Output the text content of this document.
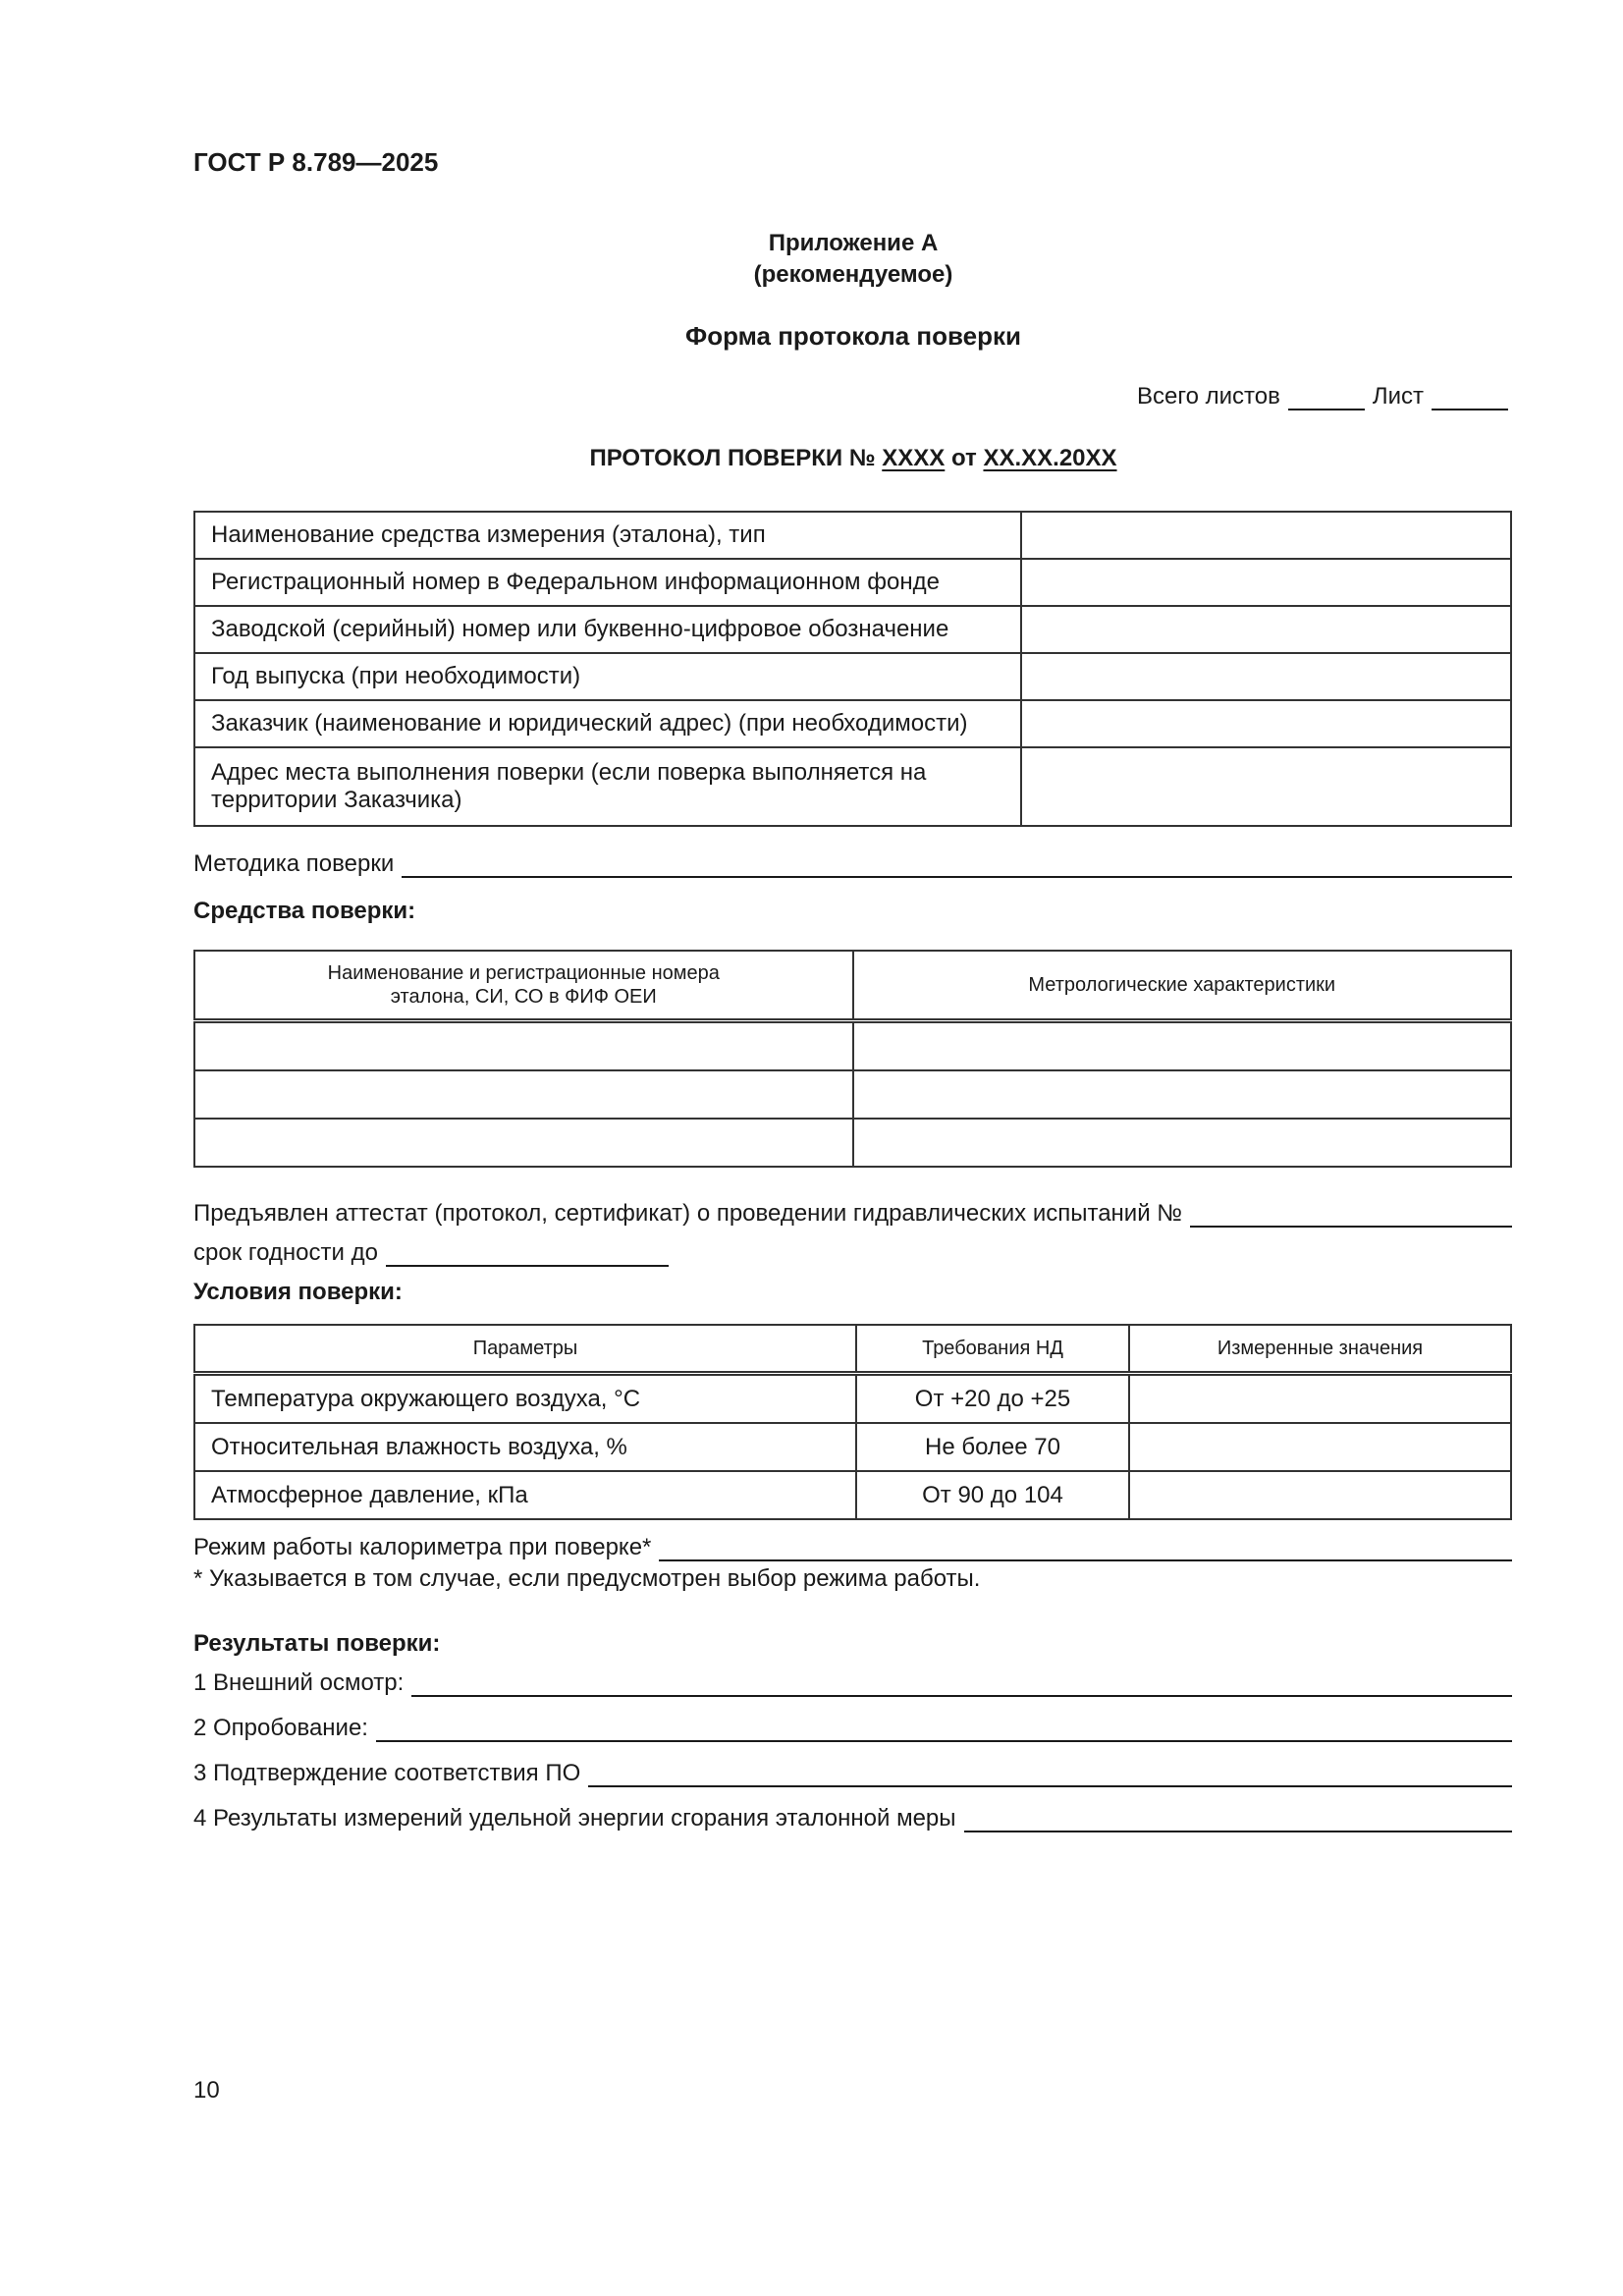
ГОСТ Р 8.789—2025
Приложение А
(рекомендуемое)
Форма протокола поверки
Всего листов	Лист
ПРОТОКОЛ ПОВЕРКИ № XXXX от XX.XX.20XX
Наименование средства измерения (эталона), тип	
Регистрационный номер в Федеральном информационном фонде	
Заводской (серийный) номер или буквенно-цифровое обозначение	
Год выпуска (при необходимости)	
Заказчик (наименование и юридический адрес) (при необходимости)	
Адрес места выполнения поверки (если поверка выполняется на территории Заказчика)	
Методика поверки
Средства поверки:
Наименование и регистрационные номера эталона, СИ, СО в ФИФ ОЕИ	Метрологические характеристики

Предъявлен аттестат (протокол, сертификат) о проведении гидравлических испытаний №
срок годности до
Условия поверки:
Параметры	Требования НД	Измеренные значения
Температура окружающего воздуха, °С	От +20 до +25	
Относительная влажность воздуха, %	Не более 70	
Атмосферное давление, кПа	От 90 до 104	
Режим работы калориметра при поверке*
* Указывается в том случае, если предусмотрен выбор режима работы.
Результаты поверки:
1 Внешний осмотр:
2 Опробование:
3 Подтверждение соответствия ПО
4 Результаты измерений удельной энергии сгорания эталонной меры
10
